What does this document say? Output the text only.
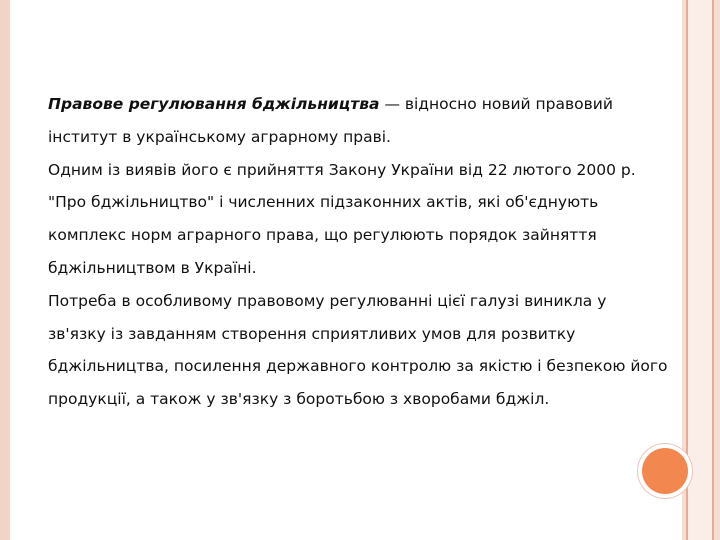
Правове регулювання бджільництва — відносно новий правовий інститут в українському аграрному праві.

Одним із виявів його є прийняття Закону України від 22 лютого 2000 р. "Про бджільництво" і численних підзаконних актів, які об'єднують комплекс норм аграрного права, що регулюють порядок зайняття бджільництвом в Україні.

Потреба в особливому правовому регулюванні цієї галузі виникла у зв'язку із завданням створення сприятливих умов для розвитку бджільництва, посилення державного контролю за якістю і безпекою його продукції, а також у зв'язку з боротьбою з хворобами бджіл.
